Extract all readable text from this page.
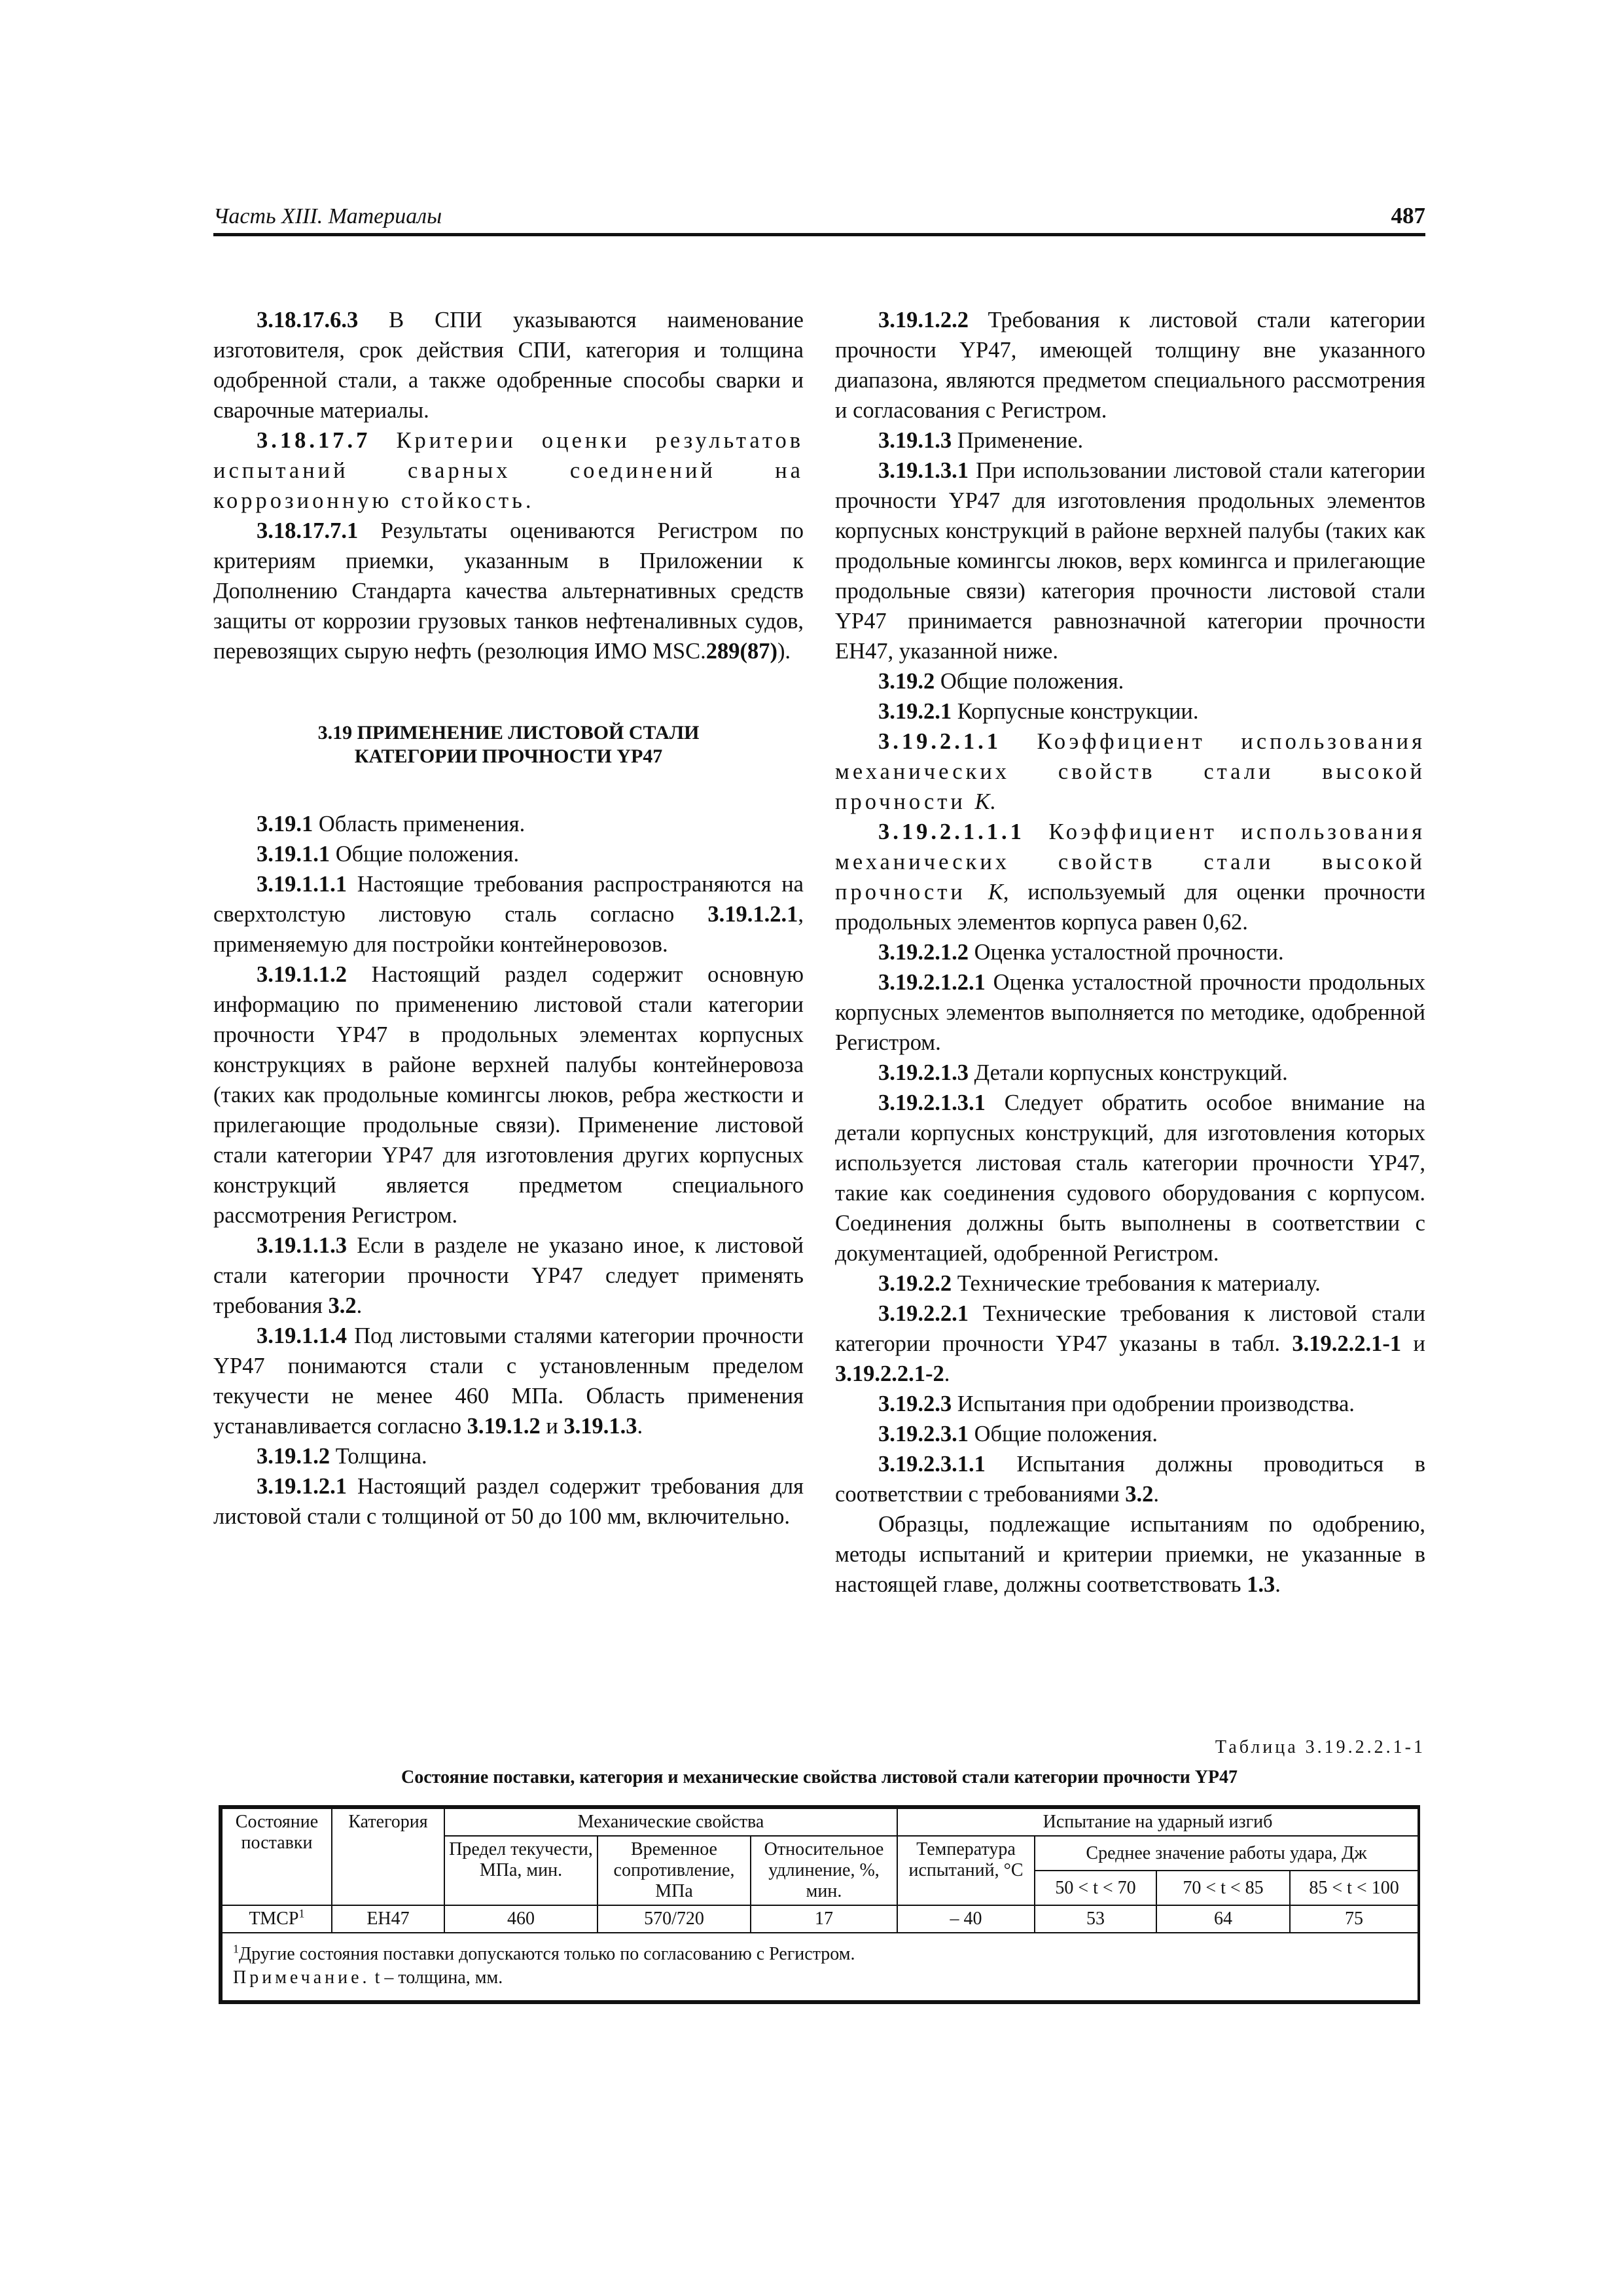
Часть XIII. Материалы	487

3.18.17.6.3 В СПИ указываются наименование изготовителя, срок действия СПИ, категория и толщина одобренной стали, а также одобренные способы сварки и сварочные материалы.

3.18.17.7 Критерии оценки результатов испытаний сварных соединений на коррозионную стойкость.

3.18.17.7.1 Результаты оцениваются Регистром по критериям приемки, указанным в Приложении к Дополнению Стандарта качества альтернативных средств защиты от коррозии грузовых танков нефтеналивных судов, перевозящих сырую нефть (резолюция ИМО MSC.289(87)).

3.19 ПРИМЕНЕНИЕ ЛИСТОВОЙ СТАЛИ
КАТЕГОРИИ ПРОЧНОСТИ YP47

3.19.1 Область применения.

3.19.1.1 Общие положения.

3.19.1.1.1 Настоящие требования распространяются на сверхтолстую листовую сталь согласно 3.19.1.2.1, применяемую для постройки контейнеровозов.

3.19.1.1.2 Настоящий раздел содержит основную информацию по применению листовой стали категории прочности YP47 в продольных элементах корпусных конструкциях в районе верхней палубы контейнеровоза (таких как продольные комингсы люков, ребра жесткости и прилегающие продольные связи). Применение листовой стали категории YP47 для изготовления других корпусных конструкций является предметом специального рассмотрения Регистром.

3.19.1.1.3 Если в разделе не указано иное, к листовой стали категории прочности YP47 следует применять требования 3.2.

3.19.1.1.4 Под листовыми сталями категории прочности YP47 понимаются стали с установленным пределом текучести не менее 460 МПа. Область применения устанавливается согласно 3.19.1.2 и 3.19.1.3.

3.19.1.2 Толщина.

3.19.1.2.1 Настоящий раздел содержит требования для листовой стали с толщиной от 50 до 100 мм, включительно.

3.19.1.2.2 Требования к листовой стали категории прочности YP47, имеющей толщину вне указанного диапазона, являются предметом специального рассмотрения и согласования с Регистром.

3.19.1.3 Применение.

3.19.1.3.1 При использовании листовой стали категории прочности YP47 для изготовления продольных элементов корпусных конструкций в районе верхней палубы (таких как продольные комингсы люков, верх комингса и прилегающие продольные связи) категория прочности листовой стали YP47 принимается равнозначной категории прочности EH47, указанной ниже.

3.19.2 Общие положения.

3.19.2.1 Корпусные конструкции.

3.19.2.1.1 Коэффициент использования механических свойств стали высокой прочности K.

3.19.2.1.1.1 Коэффициент использования механических свойств стали высокой прочности K, используемый для оценки прочности продольных элементов корпуса равен 0,62.

3.19.2.1.2 Оценка усталостной прочности.

3.19.2.1.2.1 Оценка усталостной прочности продольных корпусных элементов выполняется по методике, одобренной Регистром.

3.19.2.1.3 Детали корпусных конструкций.

3.19.2.1.3.1 Следует обратить особое внимание на детали корпусных конструкций, для изготовления которых используется листовая сталь категории прочности YP47, такие как соединения судового оборудования с корпусом. Соединения должны быть выполнены в соответствии с документацией, одобренной Регистром.

3.19.2.2 Технические требования к материалу.

3.19.2.2.1 Технические требования к листовой стали категории прочности YP47 указаны в табл. 3.19.2.2.1-1 и 3.19.2.2.1-2.

3.19.2.3 Испытания при одобрении производства.

3.19.2.3.1 Общие положения.

3.19.2.3.1.1 Испытания должны проводиться в соответствии с требованиями 3.2.

Образцы, подлежащие испытаниям по одобрению, методы испытаний и критерии приемки, не указанные в настоящей главе, должны соответствовать 1.3.

Таблица 3.19.2.2.1-1
Состояние поставки, категория и механические свойства листовой стали категории прочности YP47
Состояние поставки	Категория	Механические свойства			Испытание на ударный изгиб			
		Предел текучести, МПа, мин.	Временное сопротивление, МПа	Относительное удлинение, %, мин.	Температура испытаний, °С	Среднее значение работы удара, Дж		
						50 < t < 70	70 < t < 85	85 < t < 100
ТМСР$^1$	EH47	460	570/720	17	– 40	53	64	75

$^1$Другие состояния поставки допускаются только по согласованию с Регистром.
Примечание. t – толщина, мм.								
